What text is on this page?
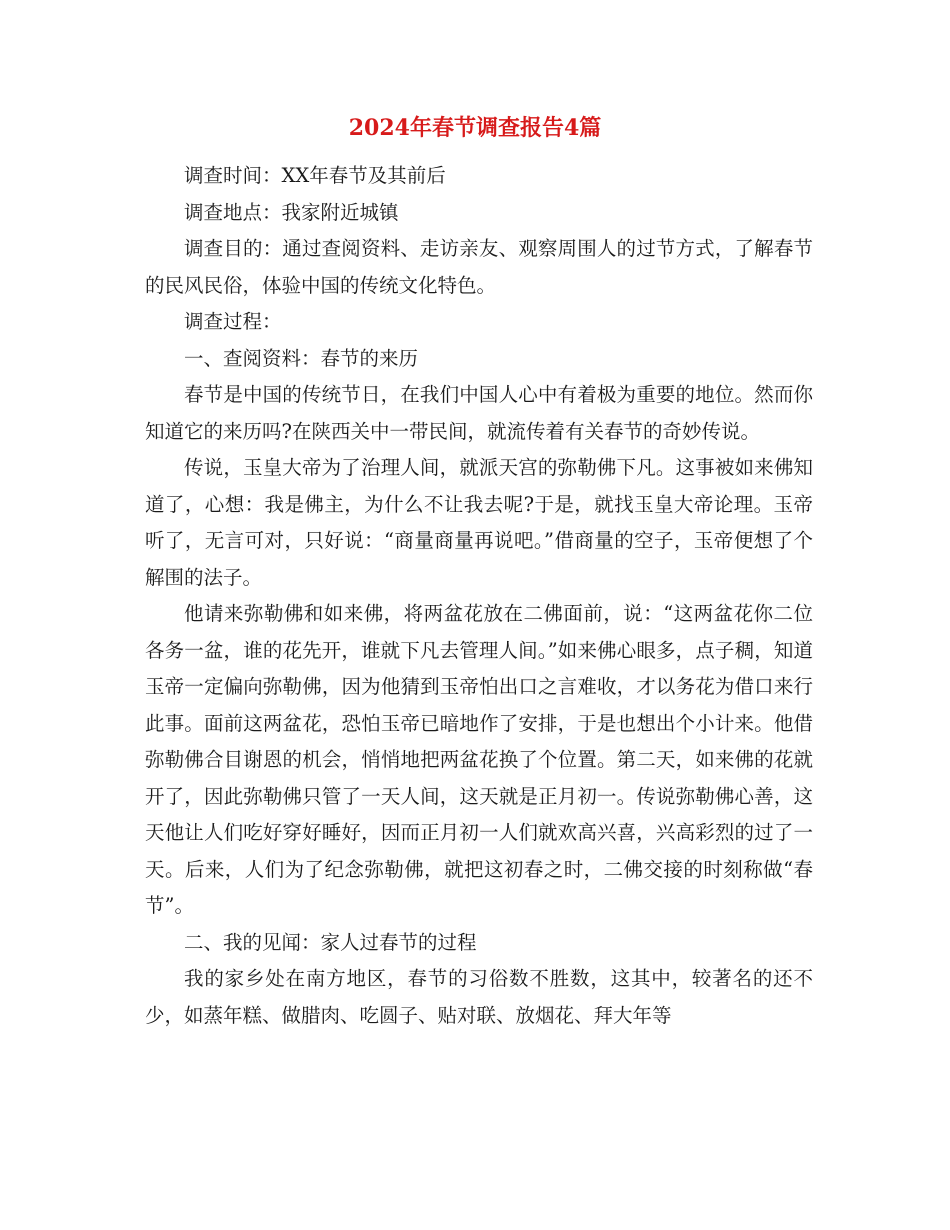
2024年春节调查报告4篇

调查时间：XX年春节及其前后

调查地点：我家附近城镇

调查目的：通过查阅资料、走访亲友、观察周围人的过节方式，了解春节的民风民俗，体验中国的传统文化特色。

调查过程：

一、查阅资料：春节的来历

春节是中国的传统节日，在我们中国人心中有着极为重要的地位。然而你知道它的来历吗?在陕西关中一带民间，就流传着有关春节的奇妙传说。

传说，玉皇大帝为了治理人间，就派天宫的弥勒佛下凡。这事被如来佛知道了，心想：我是佛主，为什么不让我去呢?于是，就找玉皇大帝论理。玉帝听了，无言可对，只好说：“商量商量再说吧。”借商量的空子，玉帝便想了个解围的法子。

他请来弥勒佛和如来佛，将两盆花放在二佛面前，说：“这两盆花你二位各务一盆，谁的花先开，谁就下凡去管理人间。”如来佛心眼多，点子稠，知道玉帝一定偏向弥勒佛，因为他猜到玉帝怕出口之言难收，才以务花为借口来行此事。面前这两盆花，恐怕玉帝已暗地作了安排，于是也想出个小计来。他借弥勒佛合目谢恩的机会，悄悄地把两盆花换了个位置。第二天，如来佛的花就开了，因此弥勒佛只管了一天人间，这天就是正月初一。传说弥勒佛心善，这天他让人们吃好穿好睡好，因而正月初一人们就欢高兴喜，兴高彩烈的过了一天。后来，人们为了纪念弥勒佛，就把这初春之时，二佛交接的时刻称做“春节”。

二、我的见闻：家人过春节的过程

我的家乡处在南方地区，春节的习俗数不胜数，这其中，较著名的还不少，如蒸年糕、做腊肉、吃圆子、贴对联、放烟花、拜大年等
